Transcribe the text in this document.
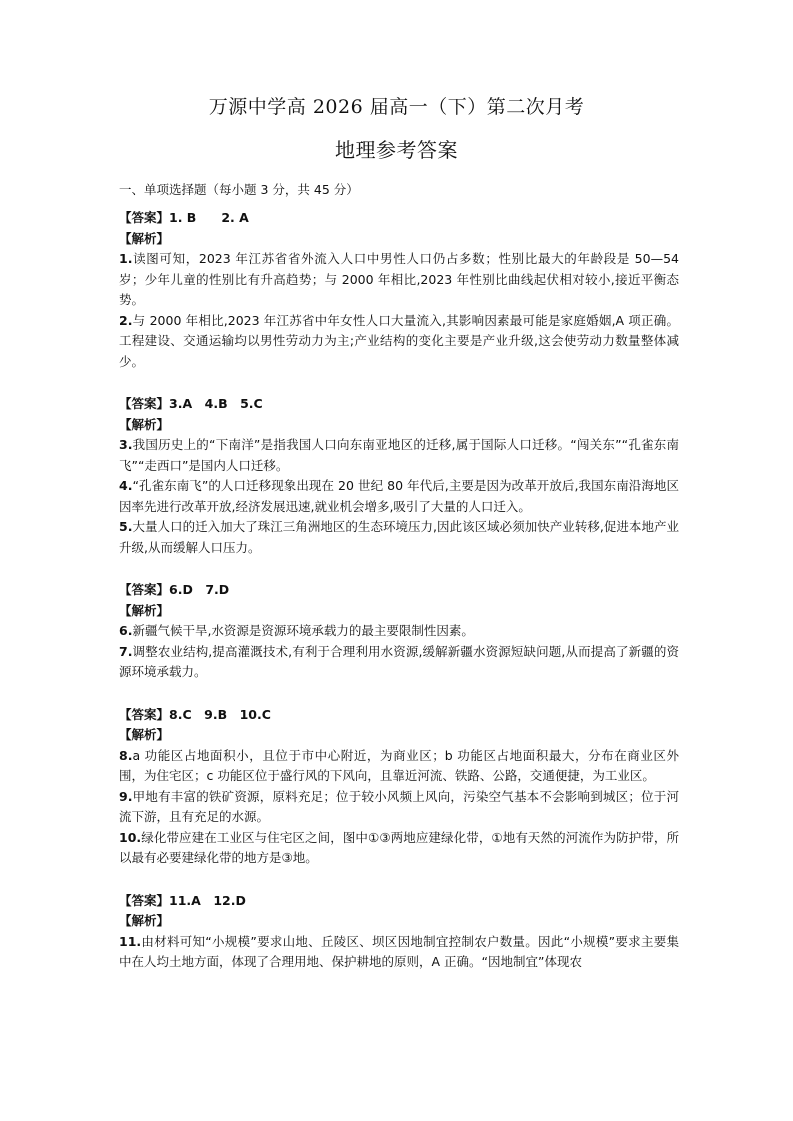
万源中学高 2026 届高一（下）第二次月考
地理参考答案
一、单项选择题（每小题 3 分，共 45 分）
【答案】1. B　　2. A
【解析】

1.读图可知，2023 年江苏省省外流入人口中男性人口仍占多数；性别比最大的年龄段是 50—54 岁；少年儿童的性别比有升高趋势；与 2000 年相比,2023 年性别比曲线起伏相对较小,接近平衡态势。

2.与 2000 年相比,2023 年江苏省中年女性人口大量流入,其影响因素最可能是家庭婚姻,A 项正确。工程建设、交通运输均以男性劳动力为主;产业结构的变化主要是产业升级,这会使劳动力数量整体减少。

【答案】3.A　4.B　5.C
【解析】

3.我国历史上的“下南洋”是指我国人口向东南亚地区的迁移,属于国际人口迁移。“闯关东”“孔雀东南飞”“走西口”是国内人口迁移。

4.“孔雀东南飞”的人口迁移现象出现在 20 世纪 80 年代后,主要是因为改革开放后,我国东南沿海地区因率先进行改革开放,经济发展迅速,就业机会增多,吸引了大量的人口迁入。

5.大量人口的迁入加大了珠江三角洲地区的生态环境压力,因此该区域必须加快产业转移,促进本地产业升级,从而缓解人口压力。

【答案】6.D　7.D
【解析】

6.新疆气候干旱,水资源是资源环境承载力的最主要限制性因素。

7.调整农业结构,提高灌溉技术,有利于合理利用水资源,缓解新疆水资源短缺问题,从而提高了新疆的资源环境承载力。

【答案】8.C　9.B　10.C
【解析】

8.a 功能区占地面积小，且位于市中心附近，为商业区；b 功能区占地面积最大，分布在商业区外围，为住宅区；c 功能区位于盛行风的下风向，且靠近河流、铁路、公路，交通便捷，为工业区。

9.甲地有丰富的铁矿资源，原料充足；位于较小风频上风向，污染空气基本不会影响到城区；位于河流下游，且有充足的水源。

10.绿化带应建在工业区与住宅区之间，图中①③两地应建绿化带，①地有天然的河流作为防护带，所以最有必要建绿化带的地方是③地。

【答案】11.A　12.D
【解析】

11.由材料可知“小规模”要求山地、丘陵区、坝区因地制宜控制农户数量。因此“小规模”要求主要集中在人均土地方面，体现了合理用地、保护耕地的原则，A 正确。“因地制宜”体现农
